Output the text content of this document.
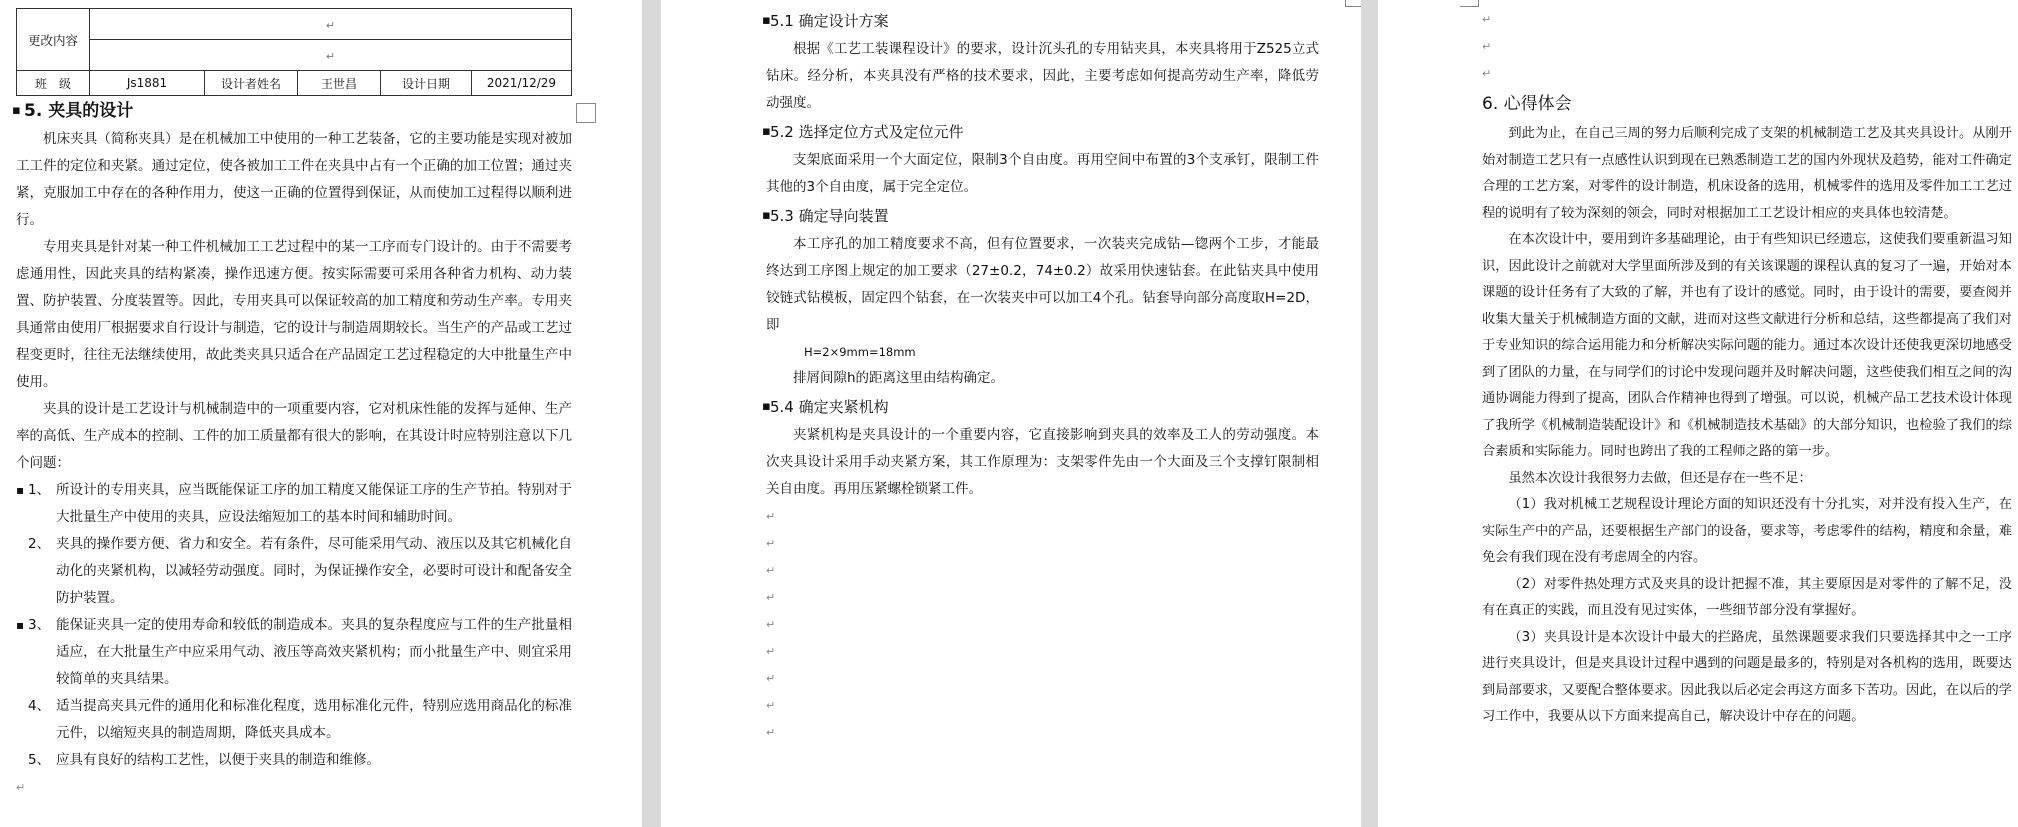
更改内容	↵				
	↵				
班　级	Js1881	设计者姓名	王世昌	设计日期	2021/12/29
▪ 5. 夹具的设计

机床夹具（简称夹具）是在机械加工中使用的一种工艺装备，它的主要功能是实现对被加工工件的定位和夹紧。通过定位，使各被加工工件在夹具中占有一个正确的加工位置；通过夹紧，克服加工中存在的各种作用力，使这一正确的位置得到保证，从而使加工过程得以顺利进行。

专用夹具是针对某一种工件机械加工工艺过程中的某一工序而专门设计的。由于不需要考虑通用性，因此夹具的结构紧凑，操作迅速方便。按实际需要可采用各种省力机构、动力装置、防护装置、分度装置等。因此，专用夹具可以保证较高的加工精度和劳动生产率。专用夹具通常由使用厂根据要求自行设计与制造，它的设计与制造周期较长。当生产的产品或工艺过程变更时，往往无法继续使用，故此类夹具只适合在产品固定工艺过程稳定的大中批量生产中使用。

夹具的设计是工艺设计与机械制造中的一项重要内容，它对机床性能的发挥与延伸、生产率的高低、生产成本的控制、工件的加工质量都有很大的影响，在其设计时应特别注意以下几个问题：

▪ 1、 所设计的专用夹具，应当既能保证工序的加工精度又能保证工序的生产节拍。特别对于大批量生产中使用的夹具，应设法缩短加工的基本时间和辅助时间。
2、 夹具的操作要方便、省力和安全。若有条件，尽可能采用气动、液压以及其它机械化自动化的夹紧机构，以减轻劳动强度。同时，为保证操作安全，必要时可设计和配备安全防护装置。
▪ 3、 能保证夹具一定的使用寿命和较低的制造成本。夹具的复杂程度应与工件的生产批量相适应，在大批量生产中应采用气动、液压等高效夹紧机构；而小批量生产中、则宜采用较简单的夹具结果。
4、 适当提高夹具元件的通用化和标准化程度，选用标准化元件，特别应选用商品化的标准元件，以缩短夹具的制造周期，降低夹具成本。
5、 应具有良好的结构工艺性，以便于夹具的制造和维修。
↵
▪ 5.1 确定设计方案

根据《工艺工装课程设计》的要求，设计沉头孔的专用钻夹具，本夹具将用于Z525立式钻床。经分析，本夹具没有严格的技术要求，因此，主要考虑如何提高劳动生产率，降低劳动强度。

▪ 5.2 选择定位方式及定位元件

支架底面采用一个大面定位，限制3个自由度。再用空间中布置的3个支承钉，限制工件其他的3个自由度，属于完全定位。

▪ 5.3 确定导向装置

本工序孔的加工精度要求不高，但有位置要求，一次装夹完成钻—锪两个工步，才能最终达到工序图上规定的加工要求（27±0.2，74±0.2）故采用快速钻套。在此钻夹具中使用铰链式钻模板，固定四个钻套，在一次装夹中可以加工4个孔。钻套导向部分高度取H=2D，即

H=2×9mm=18mm

排屑间隙h的距离这里由结构确定。

▪ 5.4 确定夹紧机构

夹紧机构是夹具设计的一个重要内容，它直接影响到夹具的效率及工人的劳动强度。本次夹具设计采用手动夹紧方案，其工作原理为：支架零件先由一个大面及三个支撑钉限制相关自由度。再用压紧螺栓锁紧工件。

↵
↵
↵
↵
↵
↵
↵
↵
↵
↵
↵
↵
6. 心得体会

到此为止，在自己三周的努力后顺利完成了支架的机械制造工艺及其夹具设计。从刚开始对制造工艺只有一点感性认识到现在已熟悉制造工艺的国内外现状及趋势，能对工件确定合理的工艺方案，对零件的设计制造，机床设备的选用，机械零件的选用及零件加工工艺过程的说明有了较为深刻的领会，同时对根据加工工艺设计相应的夹具体也较清楚。

在本次设计中，要用到许多基础理论，由于有些知识已经遗忘，这使我们要重新温习知识，因此设计之前就对大学里面所涉及到的有关该课题的课程认真的复习了一遍，开始对本课题的设计任务有了大致的了解，并也有了设计的感觉。同时，由于设计的需要，要查阅并收集大量关于机械制造方面的文献，进而对这些文献进行分析和总结，这些都提高了我们对于专业知识的综合运用能力和分析解决实际问题的能力。通过本次设计还使我更深切地感受到了团队的力量，在与同学们的讨论中发现问题并及时解决问题，这些使我们相互之间的沟通协调能力得到了提高，团队合作精神也得到了增强。可以说，机械产品工艺技术设计体现了我所学《机械制造装配设计》和《机械制造技术基础》的大部分知识，也检验了我们的综合素质和实际能力。同时也跨出了我的工程师之路的第一步。

虽然本次设计我很努力去做，但还是存在一些不足：

（1）我对机械工艺规程设计理论方面的知识还没有十分扎实，对并没有投入生产，在实际生产中的产品，还要根据生产部门的设备，要求等，考虑零件的结构，精度和余量，难免会有我们现在没有考虑周全的内容。

（2）对零件热处理方式及夹具的设计把握不准，其主要原因是对零件的了解不足，没有在真正的实践，而且没有见过实体，一些细节部分没有掌握好。

（3）夹具设计是本次设计中最大的拦路虎，虽然课题要求我们只要选择其中之一工序进行夹具设计，但是夹具设计过程中遇到的问题是最多的，特别是对各机构的选用，既要达到局部要求，又要配合整体要求。因此我以后必定会再这方面多下苦功。因此，在以后的学习工作中，我要从以下方面来提高自己，解决设计中存在的问题。
